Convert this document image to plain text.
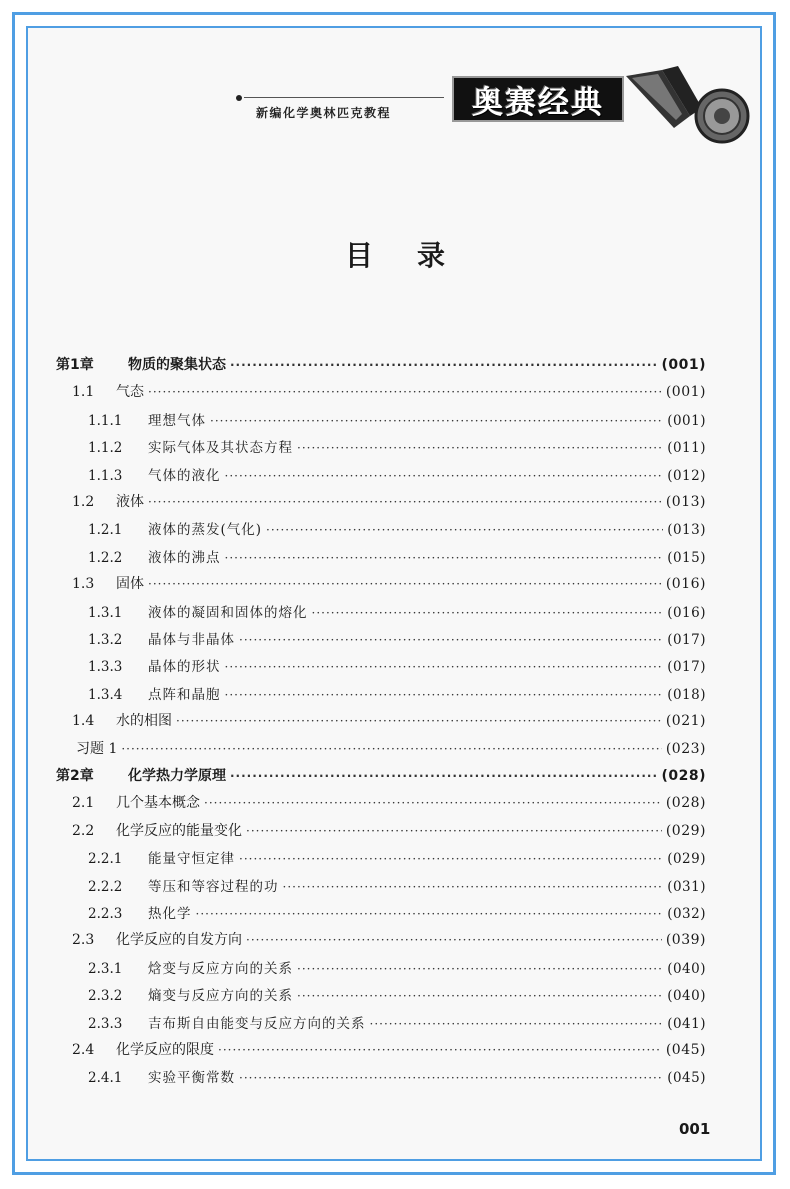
新编化学奥林匹克教程	奥赛经典
目录
第1章	物质的聚集状态 ·····	(001)
1.1	气态 ·····	(001)
1.1.1	理想气体 ·····	(001)
1.1.2	实际气体及其状态方程 ·····	(011)
1.1.3	气体的液化 ·····	(012)
1.2	液体 ·····	(013)
1.2.1	液体的蒸发(气化) ·····	(013)
1.2.2	液体的沸点 ·····	(015)
1.3	固体 ·····	(016)
1.3.1	液体的凝固和固体的熔化 ·····	(016)
1.3.2	晶体与非晶体 ·····	(017)
1.3.3	晶体的形状 ·····	(017)
1.3.4	点阵和晶胞 ·····	(018)
1.4	水的相图 ·····	(021)
习题 1 ·····	(023)
第2章	化学热力学原理 ·····	(028)
2.1	几个基本概念 ·····	(028)
2.2	化学反应的能量变化 ·····	(029)
2.2.1	能量守恒定律 ·····	(029)
2.2.2	等压和等容过程的功 ·····	(031)
2.2.3	热化学 ·····	(032)
2.3	化学反应的自发方向 ·····	(039)
2.3.1	焓变与反应方向的关系 ·····	(040)
2.3.2	熵变与反应方向的关系 ·····	(040)
2.3.3	吉布斯自由能变与反应方向的关系 ·····	(041)
2.4	化学反应的限度 ·····	(045)
2.4.1	实验平衡常数 ·····	(045)
001
